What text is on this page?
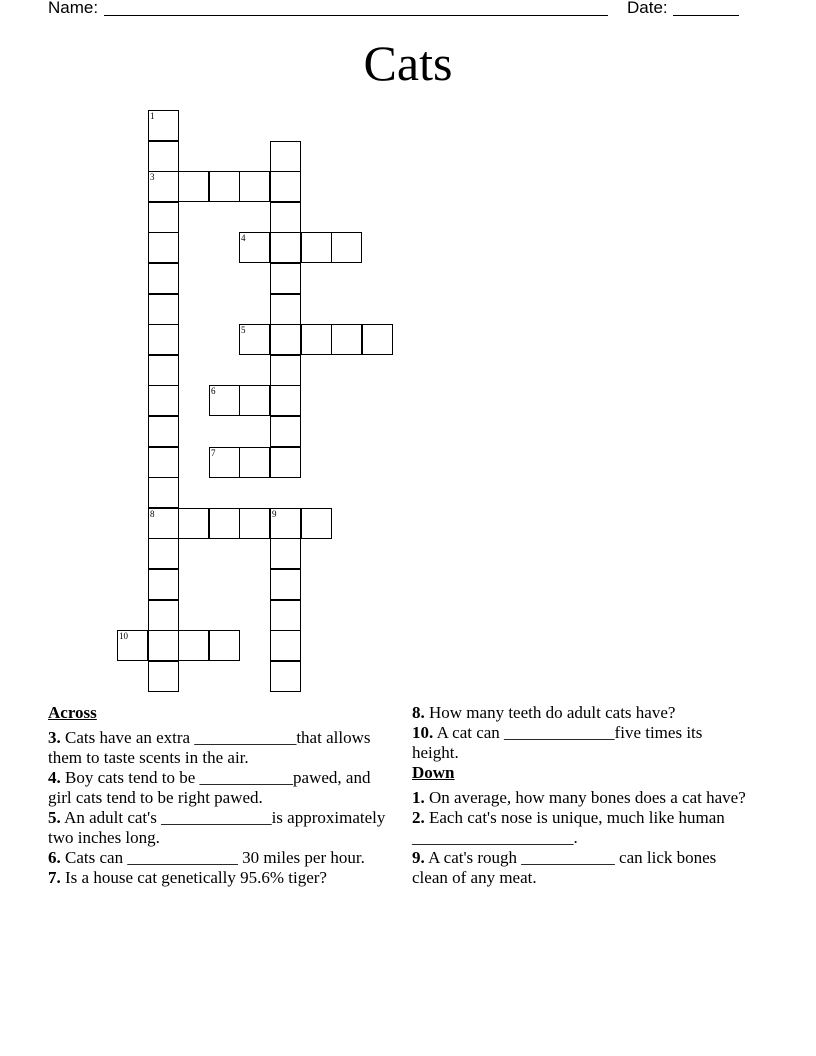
Name:	Date:
Cats
1
3
4
5
6
7
8	9
10
Across

3. Cats have an extra ____________that allows them to taste scents in the air.

4. Boy cats tend to be ___________pawed, and girl cats tend to be right pawed.

5. An adult cat's _____________is approximately two inches long.

6. Cats can _____________ 30 miles per hour.

7. Is a house cat genetically 95.6% tiger?

8. How many teeth do adult cats have?

10. A cat can _____________five times its height.

Down

1. On average, how many bones does a cat have?

2. Each cat's nose is unique, much like human ___________________.

9. A cat's rough ___________ can lick bones clean of any meat.
